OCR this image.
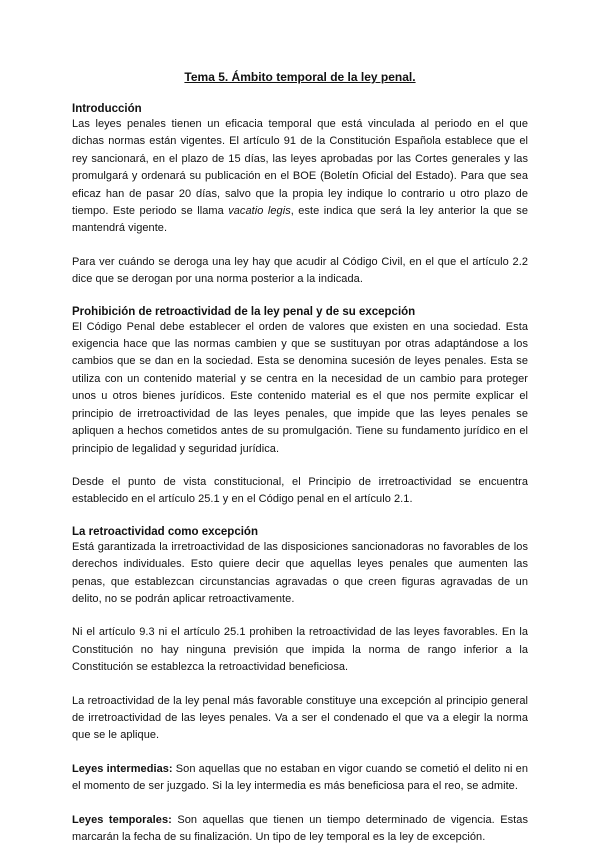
Tema 5. Ámbito temporal de la ley penal.
Introducción

Las leyes penales tienen un eficacia temporal que está vinculada al periodo en el que dichas normas están vigentes. El artículo 91 de la Constitución Española establece que el rey sancionará, en el plazo de 15 días, las leyes aprobadas por las Cortes generales y las promulgará y ordenará su publicación en el BOE (Boletín Oficial del Estado). Para que sea eficaz han de pasar 20 días, salvo que la propia ley indique lo contrario u otro plazo de tiempo. Este periodo se llama vacatio legis, este indica que será la ley anterior la que se mantendrá vigente.

Para ver cuándo se deroga una ley hay que acudir al Código Civil, en el que el artículo 2.2 dice que se derogan por una norma posterior a la indicada.

Prohibición de retroactividad de la ley penal y de su excepción

El Código Penal debe establecer el orden de valores que existen en una sociedad. Esta exigencia hace que las normas cambien y que se sustituyan por otras adaptándose a los cambios que se dan en la sociedad. Esta se denomina sucesión de leyes penales. Esta se utiliza con un contenido material y se centra en la necesidad de un cambio para proteger unos u otros bienes jurídicos. Este contenido material es el que nos permite explicar el principio de irretroactividad de las leyes penales, que impide que las leyes penales se apliquen a hechos cometidos antes de su promulgación. Tiene su fundamento jurídico en el principio de legalidad y seguridad jurídica.

Desde el punto de vista constitucional, el Principio de irretroactividad se encuentra establecido en el artículo 25.1 y en el Código penal en el artículo 2.1.

La retroactividad como excepción

Está garantizada la irretroactividad de las disposiciones sancionadoras no favorables de los derechos individuales. Esto quiere decir que aquellas leyes penales que aumenten las penas, que establezcan circunstancias agravadas o que creen figuras agravadas de un delito, no se podrán aplicar retroactivamente.

Ni el artículo 9.3 ni el artículo 25.1 prohiben la retroactividad de las leyes favorables. En la Constitución no hay ninguna previsión que impida la norma de rango inferior a la Constitución se establezca la retroactividad beneficiosa.

La retroactividad de la ley penal más favorable constituye una excepción al principio general de irretroactividad de las leyes penales. Va a ser el condenado el que va a elegir la norma que se le aplique.

Leyes intermedias: Son aquellas que no estaban en vigor cuando se cometió el delito ni en el momento de ser juzgado. Si la ley intermedia es más beneficiosa para el reo, se admite.

Leyes temporales: Son aquellas que tienen un tiempo determinado de vigencia. Estas marcarán la fecha de su finalización. Un tipo de ley temporal es la ley de excepción.
